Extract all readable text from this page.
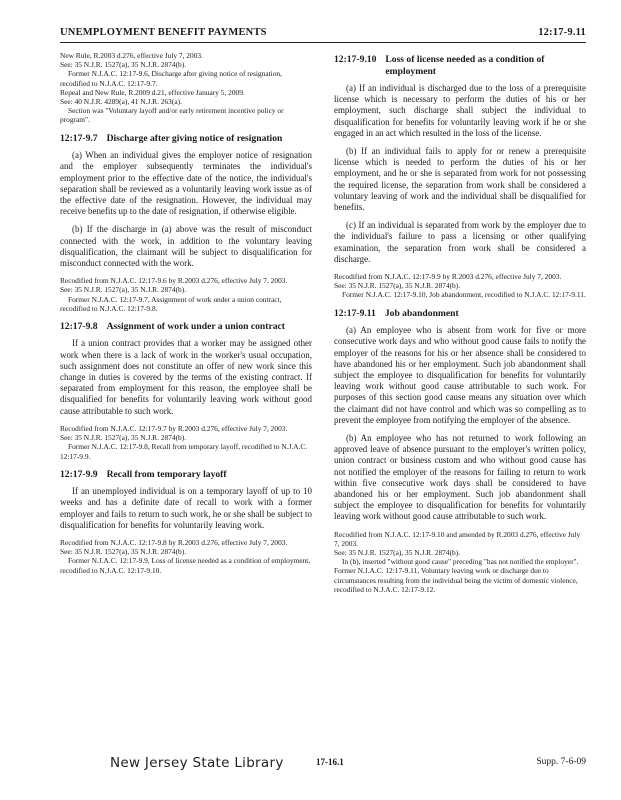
UNEMPLOYMENT BENEFIT PAYMENTS	12:17-9.11

New Rule, R.2003 d.276, effective July 7, 2003.

See: 35 N.J.R. 1527(a), 35 N.J.R. 2874(b).

Former N.J.A.C. 12:17-9.6, Discharge after giving notice of resignation, recodified to N.J.A.C. 12:17-9.7.

Repeal and New Rule, R.2009 d.21, effective January 5, 2009.

See: 40 N.J.R. 4289(a), 41 N.J.R. 263(a).

Section was "Voluntary layoff and/or early retirement incentive policy or program".

12:17-9.7 Discharge after giving notice of resignation

(a) When an individual gives the employer notice of resignation and the employer subsequently terminates the individual's employment prior to the effective date of the notice, the individual's separation shall be reviewed as a voluntarily leaving work issue as of the effective date of the resignation. However, the individual may receive benefits up to the date of resignation, if otherwise eligible.

(b) If the discharge in (a) above was the result of misconduct connected with the work, in addition to the voluntary leaving disqualification, the claimant will be subject to disqualification for misconduct connected with the work.

Recodified from N.J.A.C. 12:17-9.6 by R.2003 d.276, effective July 7, 2003.

See: 35 N.J.R. 1527(a), 35 N.J.R. 2874(b).

Former N.J.A.C. 12:17-9.7, Assignment of work under a union contract, recodified to N.J.A.C. 12:17-9.8.

12:17-9.8 Assignment of work under a union contract

If a union contract provides that a worker may be assigned other work when there is a lack of work in the worker's usual occupation, such assignment does not constitute an offer of new work since this change in duties is covered by the terms of the existing contract. If separated from employment for this reason, the employee shall be disqualified for benefits for voluntarily leaving work without good cause attributable to such work.

Recodified from N.J.A.C. 12:17-9.7 by R.2003 d.276, effective July 7, 2003.

See: 35 N.J.R. 1527(a), 35 N.J.R. 2874(b).

Former N.J.A.C. 12:17-9.8, Recall from temporary layoff, recodified to N.J.A.C. 12:17-9.9.

12:17-9.9 Recall from temporary layoff

If an unemployed individual is on a temporary layoff of up to 10 weeks and has a definite date of recall to work with a former employer and fails to return to such work, he or she shall be subject to disqualification for benefits for voluntarily leaving work.

Recodified from N.J.A.C. 12:17-9.8 by R.2003 d.276, effective July 7, 2003.

See: 35 N.J.R. 1527(a), 35 N.J.R. 2874(b).

Former N.J.A.C. 12:17-9.9, Loss of license needed as a condition of employment, recodified to N.J.A.C. 12:17-9.10.

12:17-9.10 Loss of license needed as a condition of employment

(a) If an individual is discharged due to the loss of a prerequisite license which is necessary to perform the duties of his or her employment, such discharge shall subject the individual to disqualification for benefits for voluntarily leaving work if he or she engaged in an act which resulted in the loss of the license.

(b) If an individual fails to apply for or renew a prerequisite license which is needed to perform the duties of his or her employment, and he or she is separated from work for not possessing the required license, the separation from work shall be considered a voluntary leaving of work and the individual shall be disqualified for benefits.

(c) If an individual is separated from work by the employer due to the individual's failure to pass a licensing or other qualifying examination, the separation from work shall be considered a discharge.

Recodified from N.J.A.C. 12:17-9.9 by R.2003 d.276, effective July 7, 2003.

See: 35 N.J.R. 1527(a), 35 N.J.R. 2874(b).

Former N.J.A.C. 12:17-9.10, Job abandonment, recodified to N.J.A.C. 12:17-9.11.

12:17-9.11 Job abandonment

(a) An employee who is absent from work for five or more consecutive work days and who without good cause fails to notify the employer of the reasons for his or her absence shall be considered to have abandoned his or her employment. Such job abandonment shall subject the employee to disqualification for benefits for voluntarily leaving work without good cause attributable to such work. For purposes of this section good cause means any situation over which the claimant did not have control and which was so compelling as to prevent the employee from notifying the employer of the absence.

(b) An employee who has not returned to work following an approved leave of absence pursuant to the employer's written policy, union contract or business custom and who without good cause has not notified the employer of the reasons for failing to return to work within five consecutive work days shall be considered to have abandoned his or her employment. Such job abandonment shall subject the employee to disqualification for benefits for voluntarily leaving work without good cause attributable to such work.

Recodified from N.J.A.C. 12:17-9.10 and amended by R.2003 d.276, effective July 7, 2003.

See: 35 N.J.R. 1527(a), 35 N.J.R. 2874(b).

In (b), inserted "without good cause" preceding "has not notified the employer". Former N.J.A.C. 12:17-9.11, Voluntary leaving work or discharge due to circumstances resulting from the individual being the victim of domestic violence, recodified to N.J.A.C. 12:17-9.12.

New Jersey State Library	17-16.1	Supp. 7-6-09
